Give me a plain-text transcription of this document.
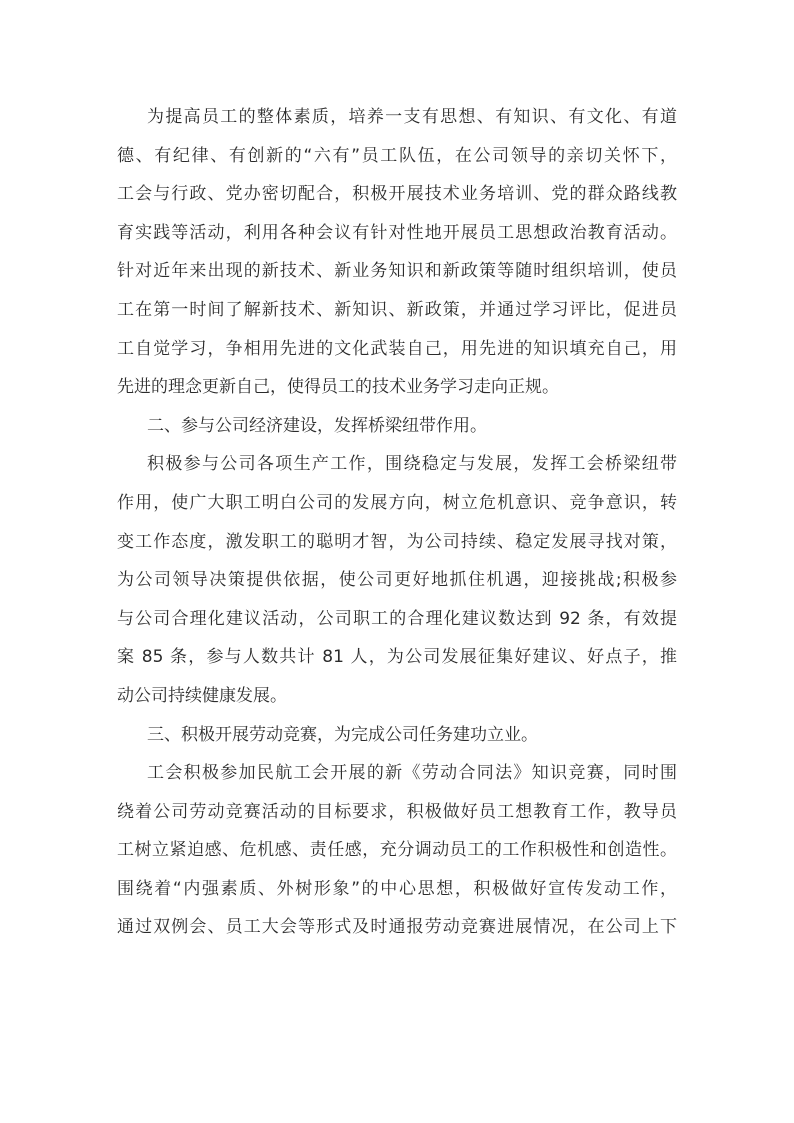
为提高员工的整体素质，培养一支有思想、有知识、有文化、有道
德、有纪律、有创新的“六有”员工队伍，在公司领导的亲切关怀下，
工会与行政、党办密切配合，积极开展技术业务培训、党的群众路线教
育实践等活动，利用各种会议有针对性地开展员工思想政治教育活动。
针对近年来出现的新技术、新业务知识和新政策等随时组织培训，使员
工在第一时间了解新技术、新知识、新政策，并通过学习评比，促进员
工自觉学习，争相用先进的文化武装自己，用先进的知识填充自己，用
先进的理念更新自己，使得员工的技术业务学习走向正规。
二、参与公司经济建设，发挥桥梁纽带作用。
积极参与公司各项生产工作，围绕稳定与发展，发挥工会桥梁纽带
作用，使广大职工明白公司的发展方向，树立危机意识、竞争意识，转
变工作态度，激发职工的聪明才智，为公司持续、稳定发展寻找对策，
为公司领导决策提供依据，使公司更好地抓住机遇，迎接挑战;积极参
与公司合理化建议活动，公司职工的合理化建议数达到 92 条，有效提
案 85 条，参与人数共计 81 人，为公司发展征集好建议、好点子，推
动公司持续健康发展。
三、积极开展劳动竞赛，为完成公司任务建功立业。
工会积极参加民航工会开展的新《劳动合同法》知识竞赛，同时围
绕着公司劳动竞赛活动的目标要求，积极做好员工想教育工作，教导员
工树立紧迫感、危机感、责任感，充分调动员工的工作积极性和创造性。
围绕着“内强素质、外树形象”的中心思想，积极做好宣传发动工作，
通过双例会、员工大会等形式及时通报劳动竞赛进展情况，在公司上下
